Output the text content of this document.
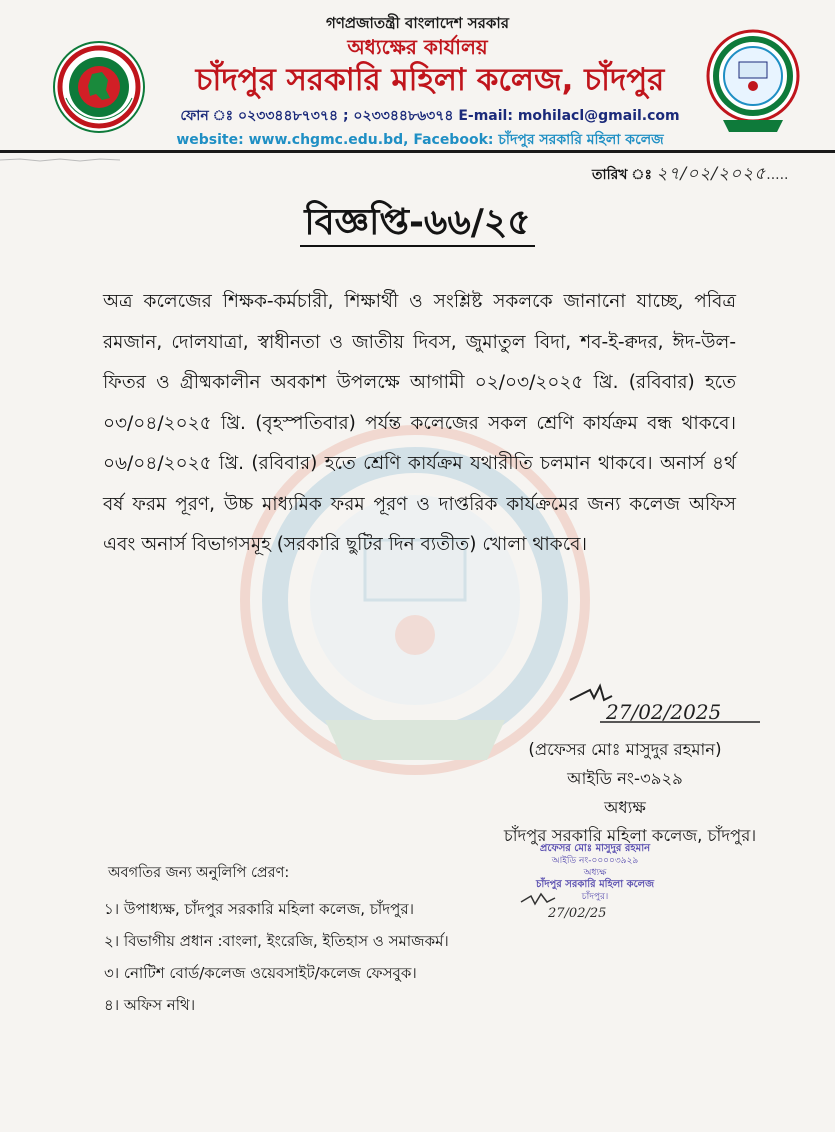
গণপ্রজাতন্ত্রী বাংলাদেশ সরকার
অধ্যক্ষের কার্যালয়
চাঁদপুর সরকারি মহিলা কলেজ, চাঁদপুর
ফোন ঃ ০২৩৩৪৪৮৭৩৭৪ ; ০২৩৩৪৪৮৬৩৭৪ E-mail: mohilacl@gmail.com
website: www.chgmc.edu.bd, Facebook: চাঁদপুর সরকারি মহিলা কলেজ
তারিখ ঃ ২৭/০২/২০২৫.....
বিজ্ঞপ্তি-৬৬/২৫
অত্র কলেজের শিক্ষক-কর্মচারী, শিক্ষার্থী ও সংশ্লিষ্ট সকলকে জানানো যাচ্ছে, পবিত্র রমজান, দোলযাত্রা, স্বাধীনতা ও জাতীয় দিবস, জুমাতুল বিদা, শব-ই-ক্বদর, ঈদ-উল-ফিতর ও গ্রীষ্মকালীন অবকাশ উপলক্ষে আগামী ০২/০৩/২০২৫ খ্রি. (রবিবার) হতে ০৩/০৪/২০২৫ খ্রি. (বৃহস্পতিবার) পর্যন্ত কলেজের সকল শ্রেণি কার্যক্রম বন্ধ থাকবে। ০৬/০৪/২০২৫ খ্রি. (রবিবার) হতে শ্রেণি কার্যক্রম যথারীতি চলমান থাকবে। অনার্স ৪র্থ বর্ষ ফরম পূরণ, উচ্চ মাধ্যমিক ফরম পূরণ ও দাপ্তরিক কার্যক্রমের জন্য কলেজ অফিস এবং অনার্স বিভাগসমূহ (সরকারি ছুটির দিন ব্যতীত) খোলা থাকবে।
27/02/2025
(প্রফেসর মোঃ মাসুদুর রহমান)
আইডি নং-৩৯২৯
অধ্যক্ষ
চাঁদপুর সরকারি মহিলা কলেজ, চাঁদপুর।
প্রফেসর মোঃ মাসুদুর রহমান
আইডি নং-০০০০৩৯২৯
অধ্যক্ষ
চাঁদপুর সরকারি মহিলা কলেজ
চাঁদপুর।
27/02/25
অবগতির জন্য অনুলিপি প্রেরণ:
১। উপাধ্যক্ষ, চাঁদপুর সরকারি মহিলা কলেজ, চাঁদপুর।
২। বিভাগীয় প্রধান :বাংলা, ইংরেজি, ইতিহাস ও সমাজকর্ম।
৩। নোটিশ বোর্ড/কলেজ ওয়েবসাইট/কলেজ ফেসবুক।
৪। অফিস নথি।
